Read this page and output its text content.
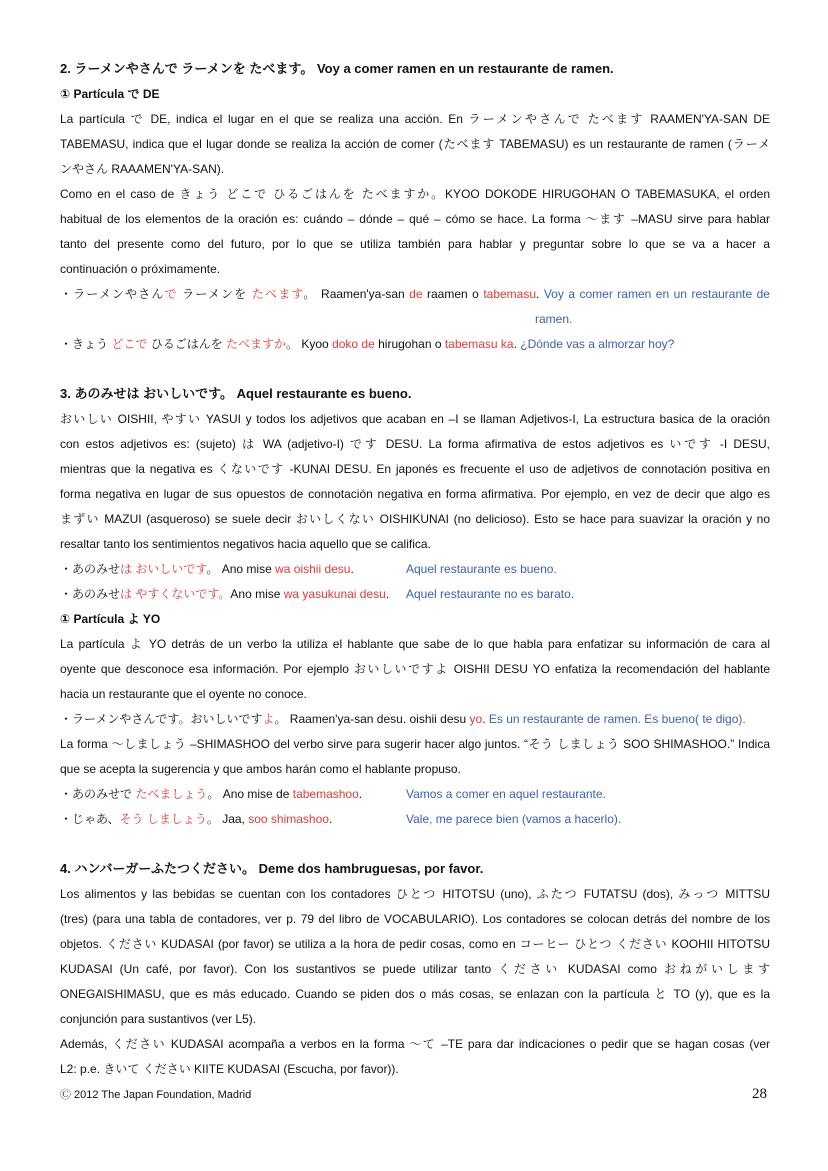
2. ラーメンやさんで ラーメンを たべます。 Voy a comer ramen en un restaurante de ramen.
① Partícula で DE
La partícula で DE, indica el lugar en el que se realiza una acción. En ラーメンやさんで たべます RAAMEN'YA-SAN DE
TABEMASU, indica que el lugar donde se realiza la acción de comer (たべます TABEMASU) es un restaurante de ramen (ラーメ
ンやさん RAAAMEN'YA-SAN).
Como en el caso de きょう どこで ひるごはんを たべますか。KYOO DOKODE HIRUGOHAN O TABEMASUKA, el orden
habitual de los elementos de la oración es: cuándo – dónde – qué – cómo se hace. La forma ～ます –MASU sirve para hablar
tanto del presente como del futuro, por lo que se utiliza también para hablar y preguntar sobre lo que se va a hacer a
continuación o próximamente.
・ラーメンやさんで ラーメンを たべます。 Raamen'ya-san de raamen o tabemasu. Voy a comer ramen en un restaurante de
ramen.
・きょう どこで ひるごはんを たべますか。 Kyoo doko de hirugohan o tabemasu ka. ¿Dónde vas a almorzar hoy?
3. あのみせは おいしいです。 Aquel restaurante es bueno.
おいしい OISHII, やすい YASUI y todos los adjetivos que acaban en –I se llaman Adjetivos-I, La estructura basica de la oración
con estos adjetivos es: (sujeto) は WA (adjetivo-I) です DESU. La forma afirmativa de estos adjetivos es いです -I DESU,
mientras que la negativa es くないです -KUNAI DESU. En japonés es frecuente el uso de adjetivos de connotación positiva en
forma negativa en lugar de sus opuestos de connotación negativa en forma afirmativa. Por ejemplo, en vez de decir que algo es
まずい MAZUI (asqueroso) se suele decir おいしくない OISHIKUNAI (no delicioso). Esto se hace para suavizar la oración y no
resaltar tanto los sentimientos negativos hacia aquello que se califica.
・あのみせは おいしいです。 Ano mise wa oishii desu.	Aquel restaurante es bueno.
・あのみせは やすくないです。Ano mise wa yasukunai desu. Aquel restaurante no es barato.
① Partícula よ YO
La partícula よ YO detrás de un verbo la utiliza el hablante que sabe de lo que habla para enfatizar su información de cara al
oyente que desconoce esa información. Por ejemplo おいしいですよ OISHII DESU YO enfatiza la recomendación del hablante
hacia un restaurante que el oyente no conoce.
・ラーメンやさんです。おいしいですよ。 Raamen'ya-san desu. oishii desu yo. Es un restaurante de ramen. Es bueno( te digo).
La forma ～しましょう –SHIMASHOO del verbo sirve para sugerir hacer algo juntos. “そう しましょう SOO SHIMASHOO.” Indica
que se acepta la sugerencia y que ambos harán como el hablante propuso.
・あのみせで たべましょう。 Ano mise de tabemashoo.	Vamos a comer en aquel restaurante.
・じゃあ、そう しましょう。 Jaa, soo shimashoo.	Vale, me parece bien (vamos a hacerlo).
4. ハンバーガーふたつください。 Deme dos hambruguesas, por favor.
Los alimentos y las bebidas se cuentan con los contadores ひとつ HITOTSU (uno), ふたつ FUTATSU (dos), みっつ MITTSU
(tres) (para una tabla de contadores, ver p. 79 del libro de VOCABULARIO). Los contadores se colocan detrás del nombre de los
objetos. ください KUDASAI (por favor) se utiliza a la hora de pedir cosas, como en コーヒー ひとつ ください KOOHII HITOTSU
KUDASAI (Un café, por favor). Con los sustantivos se puede utilizar tanto ください KUDASAI como おねがいします
ONEGAISHIMASU, que es más educado. Cuando se piden dos o más cosas, se enlazan con la partícula と TO (y), que es la
conjunción para sustantivos (ver L5).
Además, ください KUDASAI acompaña a verbos en la forma ～て –TE para dar indicaciones o pedir que se hagan cosas (ver
L2: p.e. きいて ください KIITE KUDASAI (Escucha, por favor)).
Ⓒ 2012 The Japan Foundation, Madrid	28
